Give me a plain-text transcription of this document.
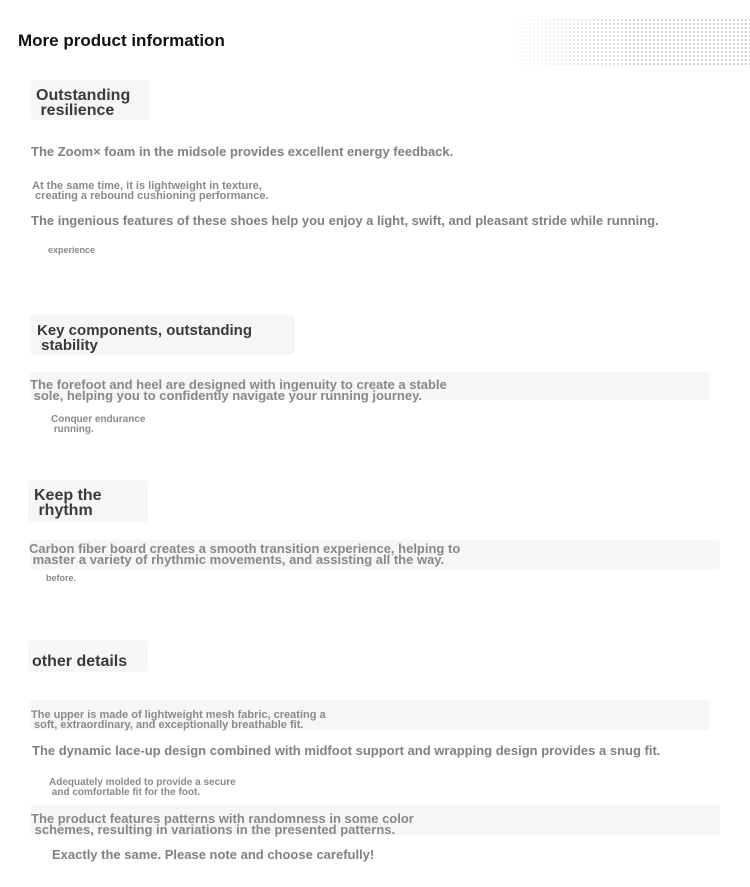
More product information
Outstanding
resilience

The Zoom× foam in the midsole provides excellent energy feedback.

At the same time, it is lightweight in texture,
creating a rebound cushioning performance.

The ingenious features of these shoes help you enjoy a light, swift, and pleasant stride while running.

experience

Key components, outstanding
stability

The forefoot and heel are designed with ingenuity to create a stable
sole, helping you to confidently navigate your running journey.

Conquer endurance
running.

Keep the
rhythm

Carbon fiber board creates a smooth transition experience, helping to
master a variety of rhythmic movements, and assisting all the way.

before.

other details

The upper is made of lightweight mesh fabric, creating a
soft, extraordinary, and exceptionally breathable fit.

The dynamic lace-up design combined with midfoot support and wrapping design provides a snug fit.

Adequately molded to provide a secure
and comfortable fit for the foot.

The product features patterns with randomness in some color
schemes, resulting in variations in the presented patterns.

Exactly the same. Please note and choose carefully!
